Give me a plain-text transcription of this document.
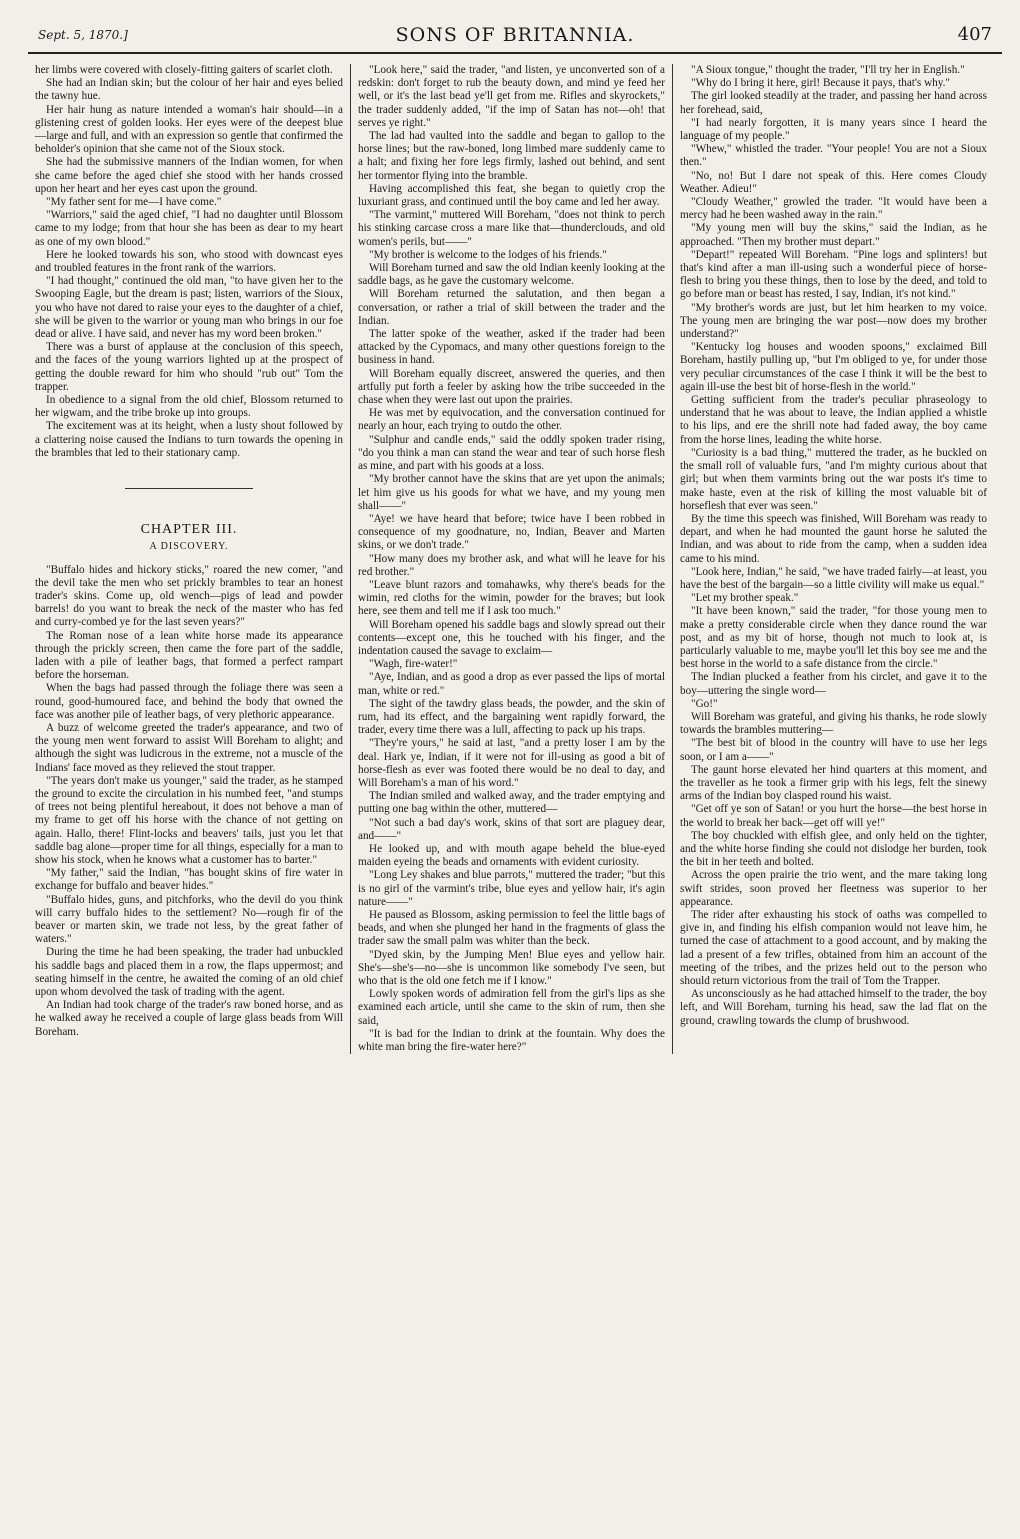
Sept. 5, 1870.]	SONS OF BRITANNIA.	407

her limbs were covered with closely-fitting gaiters of scarlet cloth.

She had an Indian skin; but the colour of her hair and eyes belied the tawny hue.

Her hair hung as nature intended a woman's hair should—in a glistening crest of golden looks. Her eyes were of the deepest blue—large and full, and with an expression so gentle that confirmed the beholder's opinion that she came not of the Sioux stock.

She had the submissive manners of the Indian women, for when she came before the aged chief she stood with her hands crossed upon her heart and her eyes cast upon the ground.

"My father sent for me—I have come."

"Warriors," said the aged chief, "I had no daughter until Blossom came to my lodge; from that hour she has been as dear to my heart as one of my own blood."

Here he looked towards his son, who stood with downcast eyes and troubled features in the front rank of the warriors.

"I had thought," continued the old man, "to have given her to the Swooping Eagle, but the dream is past; listen, warriors of the Sioux, you who have not dared to raise your eyes to the daughter of a chief, she will be given to the warrior or young man who brings in our foe dead or alive. I have said, and never has my word been broken."

There was a burst of applause at the conclusion of this speech, and the faces of the young warriors lighted up at the prospect of getting the double reward for him who should "rub out" Tom the trapper.

In obedience to a signal from the old chief, Blossom returned to her wigwam, and the tribe broke up into groups.

The excitement was at its height, when a lusty shout followed by a clattering noise caused the Indians to turn towards the opening in the brambles that led to their stationary camp.

CHAPTER III.
A DISCOVERY.

"Buffalo hides and hickory sticks," roared the new comer, "and the devil take the men who set prickly brambles to tear an honest trader's skins. Come up, old wench—pigs of lead and powder barrels! do you want to break the neck of the master who has fed and curry-combed ye for the last seven years?"

The Roman nose of a lean white horse made its appearance through the prickly screen, then came the fore part of the saddle, laden with a pile of leather bags, that formed a perfect rampart before the horseman.

When the bags had passed through the foliage there was seen a round, good-humoured face, and behind the body that owned the face was another pile of leather bags, of very plethoric appearance.

A buzz of welcome greeted the trader's appearance, and two of the young men went forward to assist Will Boreham to alight; and although the sight was ludicrous in the extreme, not a muscle of the Indians' face moved as they relieved the stout trapper.

"The years don't make us younger," said the trader, as he stamped the ground to excite the circulation in his numbed feet, "and stumps of trees not being plentiful hereabout, it does not behove a man of my frame to get off his horse with the chance of not getting on again. Hallo, there! Flint-locks and beavers' tails, just you let that saddle bag alone—proper time for all things, especially for a man to show his stock, when he knows what a customer has to barter."

"My father," said the Indian, "has bought skins of fire water in exchange for buffalo and beaver hides."

"Buffalo hides, guns, and pitchforks, who the devil do you think will carry buffalo hides to the settlement? No—rough fir of the beaver or marten skin, we trade not less, by the great father of waters."

During the time he had been speaking, the trader had unbuckled his saddle bags and placed them in a row, the flaps uppermost; and seating himself in the centre, he awaited the coming of an old chief upon whom devolved the task of trading with the agent.

An Indian had took charge of the trader's raw boned horse, and as he walked away he received a couple of large glass beads from Will Boreham.

"Look here," said the trader, "and listen, ye unconverted son of a redskin: don't forget to rub the beauty down, and mind ye feed her well, or it's the last bead ye'll get from me. Rifles and skyrockets," the trader suddenly added, "if the imp of Satan has not—oh! that serves ye right."

The lad had vaulted into the saddle and began to gallop to the horse lines; but the raw-boned, long limbed mare suddenly came to a halt; and fixing her fore legs firmly, lashed out behind, and sent her tormentor flying into the bramble.

Having accomplished this feat, she began to quietly crop the luxuriant grass, and continued until the boy came and led her away.

"The varmint," muttered Will Boreham, "does not think to perch his stinking carcase cross a mare like that—thunderclouds, and old women's perils, but——"

"My brother is welcome to the lodges of his friends."

Will Boreham turned and saw the old Indian keenly looking at the saddle bags, as he gave the customary welcome.

Will Boreham returned the salutation, and then began a conversation, or rather a trial of skill between the trader and the Indian.

The latter spoke of the weather, asked if the trader had been attacked by the Cypomacs, and many other questions foreign to the business in hand.

Will Boreham equally discreet, answered the queries, and then artfully put forth a feeler by asking how the tribe succeeded in the chase when they were last out upon the prairies.

He was met by equivocation, and the conversation continued for nearly an hour, each trying to outdo the other.

"Sulphur and candle ends," said the oddly spoken trader rising, "do you think a man can stand the wear and tear of such horse flesh as mine, and part with his goods at a loss.

"My brother cannot have the skins that are yet upon the animals; let him give us his goods for what we have, and my young men shall——"

"Aye! we have heard that before; twice have I been robbed in consequence of my goodnature, no, Indian, Beaver and Marten skins, or we don't trade."

"How many does my brother ask, and what will he leave for his red brother."

"Leave blunt razors and tomahawks, why there's beads for the wimin, red cloths for the wimin, powder for the braves; but look here, see them and tell me if I ask too much."

Will Boreham opened his saddle bags and slowly spread out their contents—except one, this he touched with his finger, and the indentation caused the savage to exclaim—

"Wagh, fire-water!"

"Aye, Indian, and as good a drop as ever passed the lips of mortal man, white or red."

The sight of the tawdry glass beads, the powder, and the skin of rum, had its effect, and the bargaining went rapidly forward, the trader, every time there was a lull, affecting to pack up his traps.

"They're yours," he said at last, "and a pretty loser I am by the deal. Hark ye, Indian, if it were not for ill-using as good a bit of horse-flesh as ever was footed there would be no deal to day, and Will Boreham's a man of his word."

The Indian smiled and walked away, and the trader emptying and putting one bag within the other, muttered—

"Not such a bad day's work, skins of that sort are plaguey dear, and——"

He looked up, and with mouth agape beheld the blue-eyed maiden eyeing the beads and ornaments with evident curiosity.

"Long Ley shakes and blue parrots," muttered the trader; "but this is no girl of the varmint's tribe, blue eyes and yellow hair, it's agin nature——"

He paused as Blossom, asking permission to feel the little bags of beads, and when she plunged her hand in the fragments of glass the trader saw the small palm was whiter than the beck.

"Dyed skin, by the Jumping Men! Blue eyes and yellow hair. She's—she's—no—she is uncommon like somebody I've seen, but who that is the old one fetch me if I know."

Lowly spoken words of admiration fell from the girl's lips as she examined each article, until she came to the skin of rum, then she said,

"It is bad for the Indian to drink at the fountain. Why does the white man bring the fire-water here?"

"A Sioux tongue," thought the trader, "I'll try her in English."

"Why do I bring it here, girl! Because it pays, that's why."

The girl looked steadily at the trader, and passing her hand across her forehead, said,

"I had nearly forgotten, it is many years since I heard the language of my people."

"Whew," whistled the trader. "Your people! You are not a Sioux then."

"No, no! But I dare not speak of this. Here comes Cloudy Weather. Adieu!"

"Cloudy Weather," growled the trader. "It would have been a mercy had he been washed away in the rain."

"My young men will buy the skins," said the Indian, as he approached. "Then my brother must depart."

"Depart!" repeated Will Boreham. "Pine logs and splinters! but that's kind after a man ill-using such a wonderful piece of horse-flesh to bring you these things, then to lose by the deed, and told to go before man or beast has rested, I say, Indian, it's not kind."

"My brother's words are just, but let him hearken to my voice. The young men are bringing the war post—now does my brother understand?"

"Kentucky log houses and wooden spoons," exclaimed Bill Boreham, hastily pulling up, "but I'm obliged to ye, for under those very peculiar circumstances of the case I think it will be the best to again ill-use the best bit of horse-flesh in the world."

Getting sufficient from the trader's peculiar phraseology to understand that he was about to leave, the Indian applied a whistle to his lips, and ere the shrill note had faded away, the boy came from the horse lines, leading the white horse.

"Curiosity is a bad thing," muttered the trader, as he buckled on the small roll of valuable furs, "and I'm mighty curious about that girl; but when them varmints bring out the war posts it's time to make haste, even at the risk of killing the most valuable bit of horseflesh that ever was seen."

By the time this speech was finished, Will Boreham was ready to depart, and when he had mounted the gaunt horse he saluted the Indian, and was about to ride from the camp, when a sudden idea came to his mind.

"Look here, Indian," he said, "we have traded fairly—at least, you have the best of the bargain—so a little civility will make us equal."

"Let my brother speak."

"It have been known," said the trader, "for those young men to make a pretty considerable circle when they dance round the war post, and as my bit of horse, though not much to look at, is particularly valuable to me, maybe you'll let this boy see me and the best horse in the world to a safe distance from the circle."

The Indian plucked a feather from his circlet, and gave it to the boy—uttering the single word—

"Go!"

Will Boreham was grateful, and giving his thanks, he rode slowly towards the brambles muttering—

"The best bit of blood in the country will have to use her legs soon, or I am a——"

The gaunt horse elevated her hind quarters at this moment, and the traveller as he took a firmer grip with his legs, felt the sinewy arms of the Indian boy clasped round his waist.

"Get off ye son of Satan! or you hurt the horse—the best horse in the world to break her back—get off will ye!"

The boy chuckled with elfish glee, and only held on the tighter, and the white horse finding she could not dislodge her burden, took the bit in her teeth and bolted.

Across the open prairie the trio went, and the mare taking long swift strides, soon proved her fleetness was superior to her appearance.

The rider after exhausting his stock of oaths was compelled to give in, and finding his elfish companion would not leave him, he turned the case of attachment to a good account, and by making the lad a present of a few trifles, obtained from him an account of the meeting of the tribes, and the prizes held out to the person who should return victorious from the trail of Tom the Trapper.

As unconsciously as he had attached himself to the trader, the boy left, and Will Boreham, turning his head, saw the lad flat on the ground, crawling towards the clump of brushwood.
